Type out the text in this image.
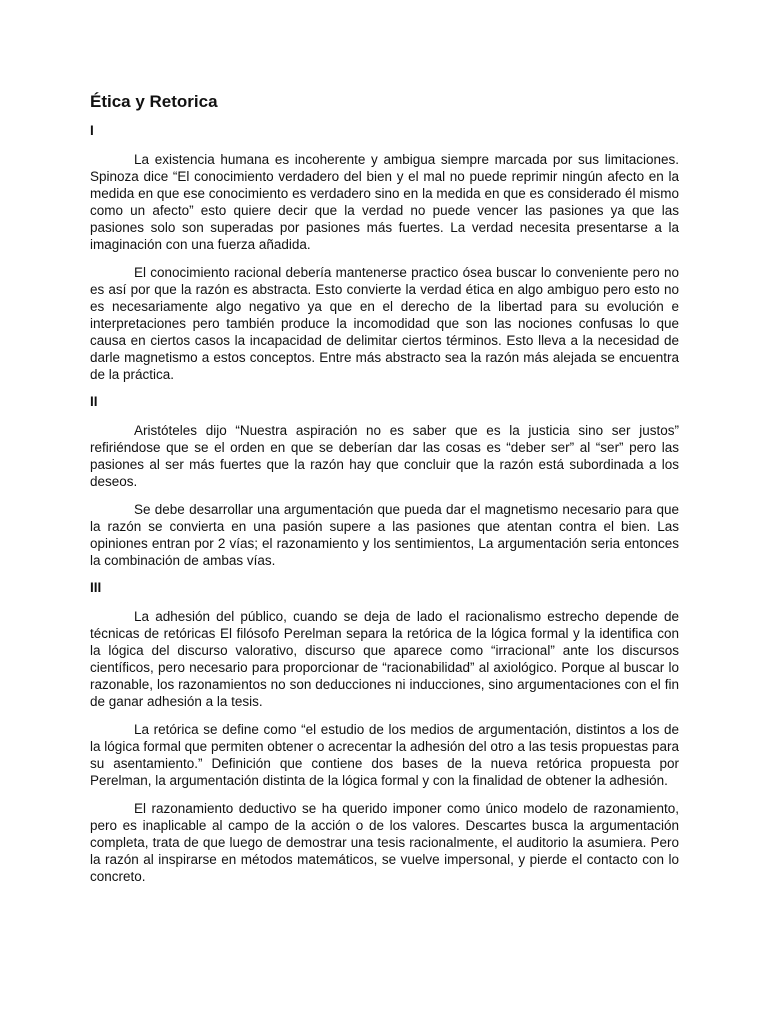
Ética y Retorica
I

La existencia humana es incoherente y ambigua siempre marcada por sus limitaciones. Spinoza dice “El conocimiento verdadero del bien y el mal no puede reprimir ningún afecto en la medida en que ese conocimiento es verdadero sino en la medida en que es considerado él mismo como un afecto” esto quiere decir que la verdad no puede vencer las pasiones ya que las pasiones solo son superadas por pasiones más fuertes. La verdad necesita presentarse a la imaginación con una fuerza añadida.

El conocimiento racional debería mantenerse practico ósea buscar lo conveniente pero no es así por que la razón es abstracta. Esto convierte la verdad ética en algo ambiguo pero esto no es necesariamente algo negativo ya que en el derecho de la libertad para su evolución e interpretaciones pero también produce la incomodidad que son las nociones confusas lo que causa en ciertos casos la incapacidad de delimitar ciertos términos. Esto lleva a la necesidad de darle magnetismo a estos conceptos. Entre más abstracto sea la razón más alejada se encuentra de la práctica.

II

Aristóteles dijo “Nuestra aspiración no es saber que es la justicia sino ser justos” refiriéndose que se el orden en que se deberían dar las cosas es “deber ser” al “ser” pero las pasiones al ser más fuertes que la razón hay que concluir que la razón está subordinada a los deseos.

Se debe desarrollar una argumentación que pueda dar el magnetismo necesario para que la razón se convierta en una pasión supere a las pasiones que atentan contra el bien. Las opiniones entran por 2 vías; el razonamiento y los sentimientos, La argumentación seria entonces la combinación de ambas vías.

III

La adhesión del público, cuando se deja de lado el racionalismo estrecho depende de técnicas de retóricas El filósofo Perelman separa la retórica de la lógica formal y la identifica con la lógica del discurso valorativo, discurso que aparece como “irracional” ante los discursos científicos, pero necesario para proporcionar de “racionabilidad” al axiológico. Porque al buscar lo razonable, los razonamientos no son deducciones ni inducciones, sino argumentaciones con el fin de ganar adhesión a la tesis.

La retórica se define como “el estudio de los medios de argumentación, distintos a los de la lógica formal que permiten obtener o acrecentar la adhesión del otro a las tesis propuestas para su asentamiento.” Definición que contiene dos bases de la nueva retórica propuesta por Perelman, la argumentación distinta de la lógica formal y con la finalidad de obtener la adhesión.

El razonamiento deductivo se ha querido imponer como único modelo de razonamiento, pero es inaplicable al campo de la acción o de los valores. Descartes busca la argumentación completa, trata de que luego de demostrar una tesis racionalmente, el auditorio la asumiera. Pero la razón al inspirarse en métodos matemáticos, se vuelve impersonal, y pierde el contacto con lo concreto.
